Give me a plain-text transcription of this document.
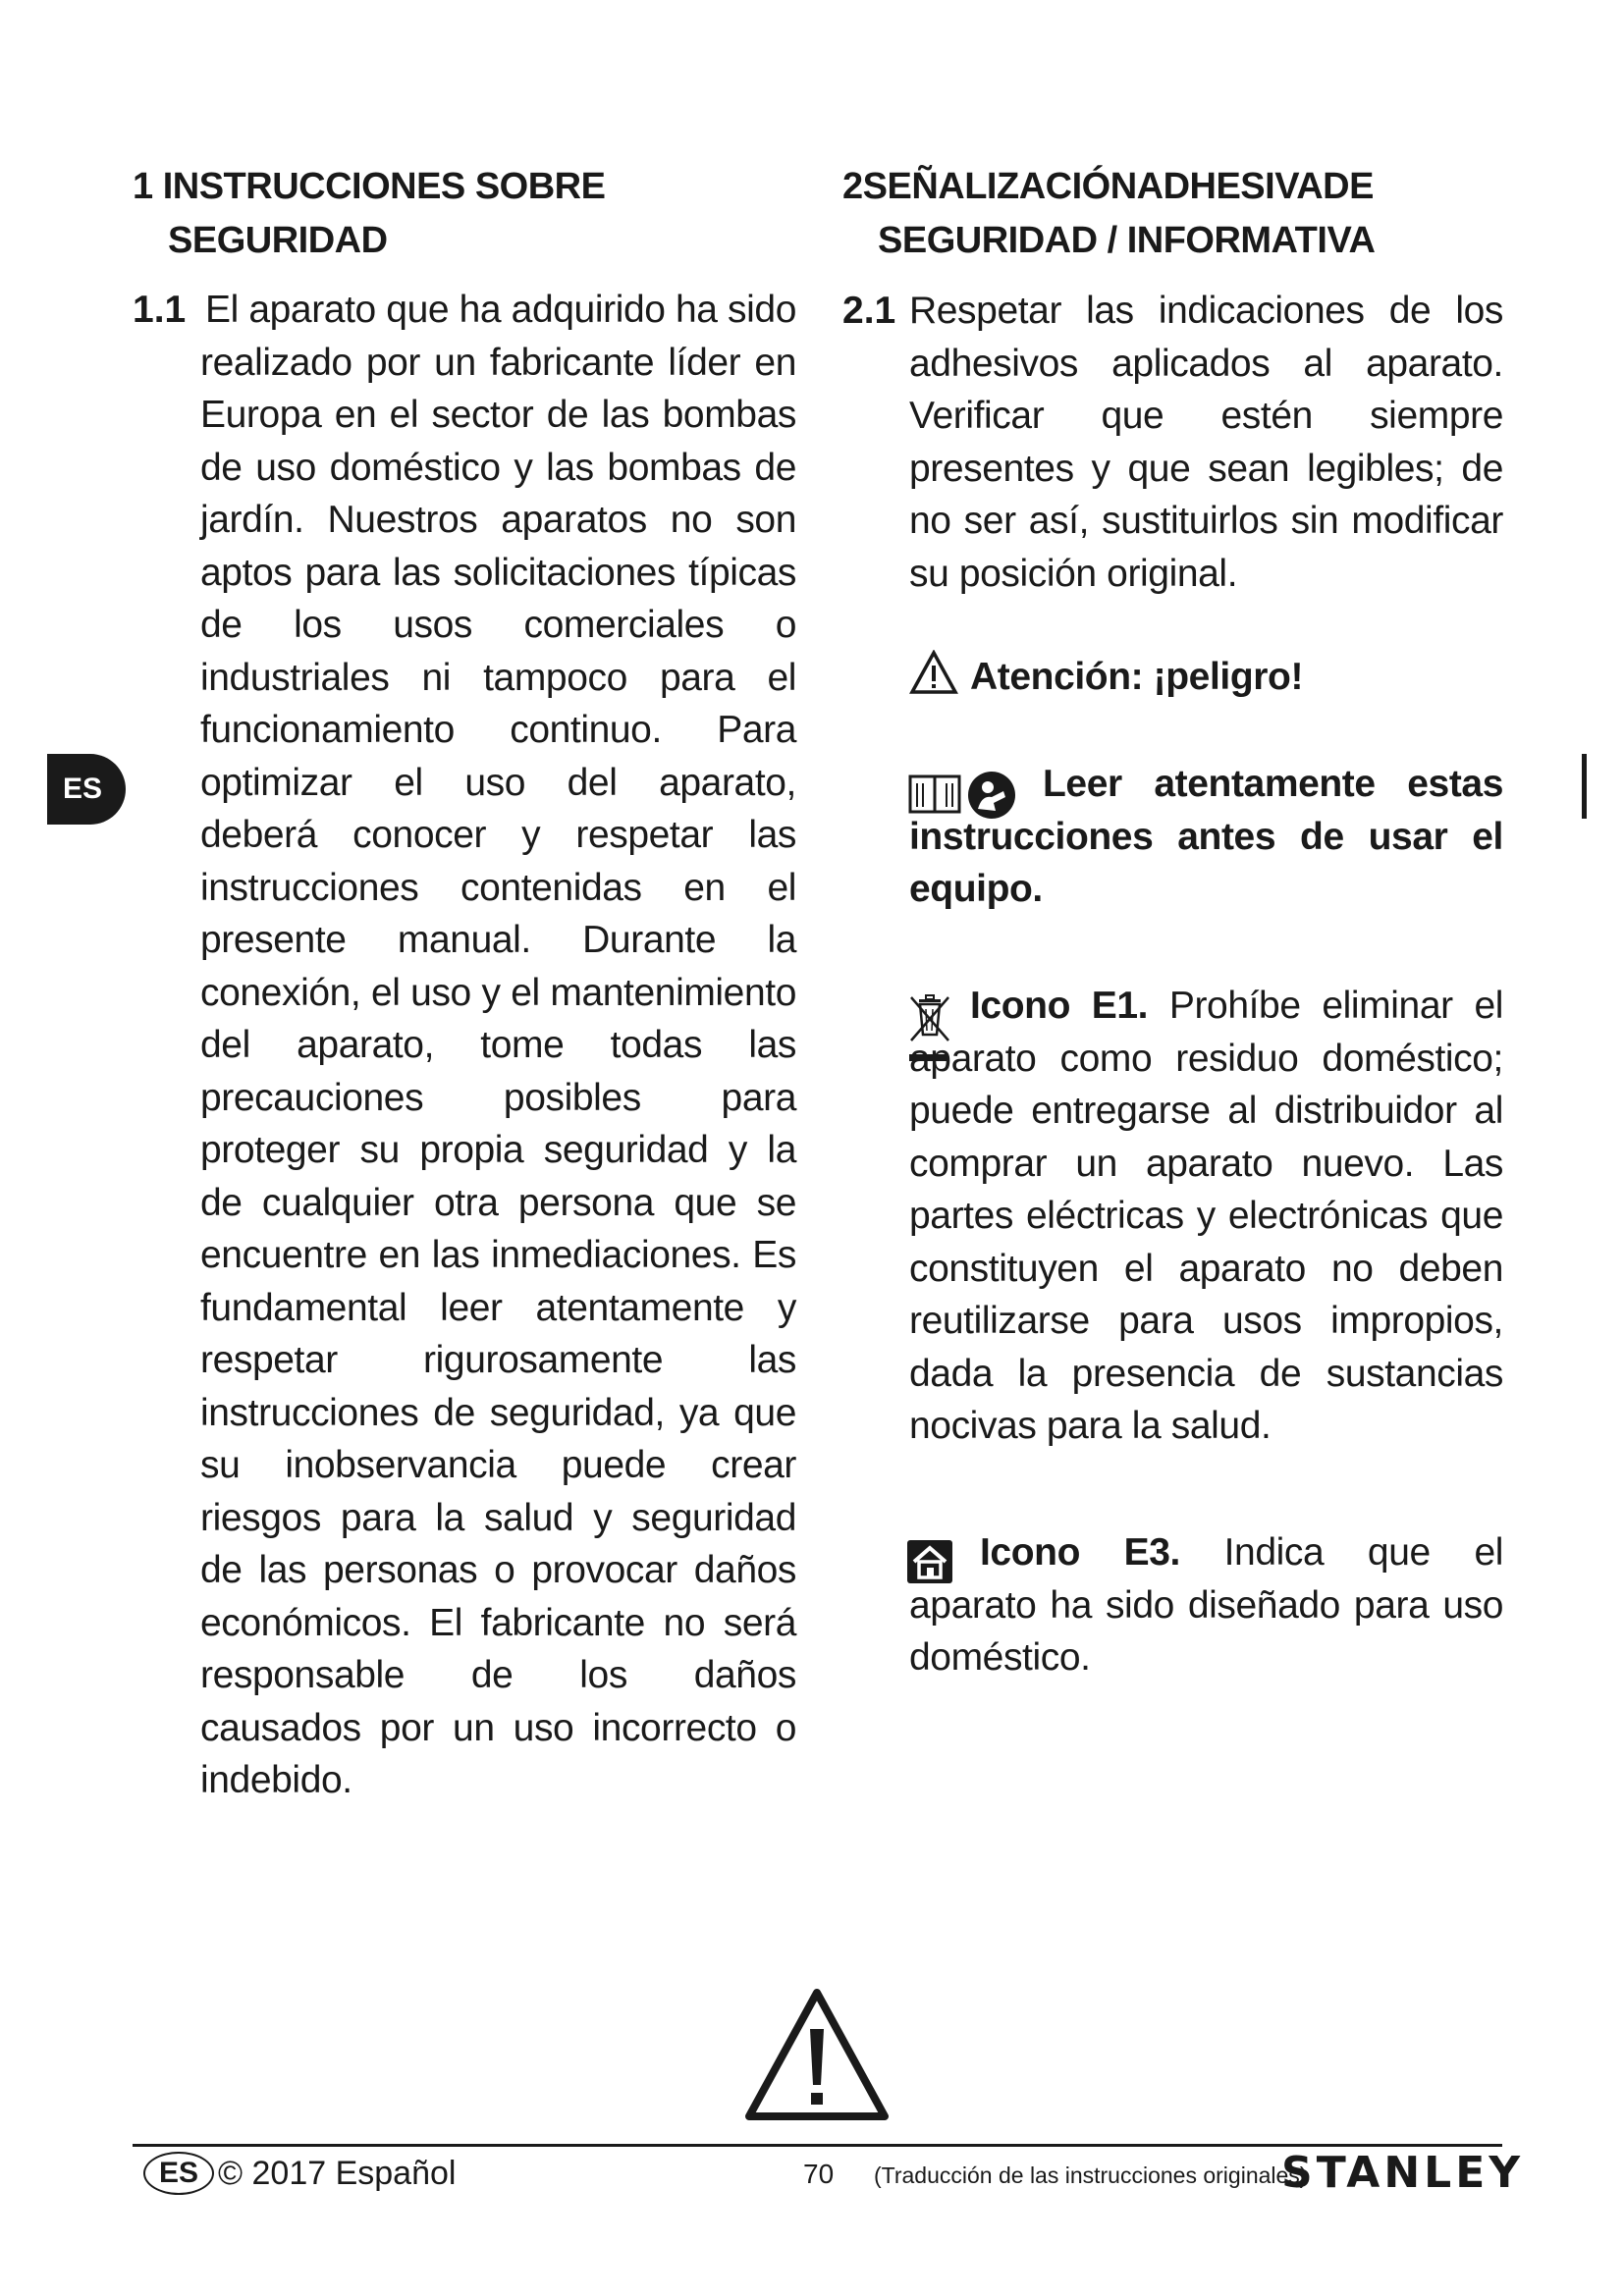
1 INSTRUCCIONES SOBRE
SEGURIDAD
1.1 El aparato que ha adquirido ha sido realizado por un fabricante líder en Europa en el sector de las bombas de uso doméstico y las bombas de jardín. Nuestros aparatos no son aptos para las solicitaciones típicas de los usos comerciales o industriales ni tampoco para el funcionamiento continuo. Para optimizar el uso del aparato, deberá conocer y respetar las instrucciones contenidas en el presente manual. Durante la conexión, el uso y el mantenimiento del aparato, tome todas las precauciones posibles para proteger su propia seguridad y la de cualquier otra persona que se encuentre en las inmediaciones. Es fundamental leer atentamente y respetar rigurosamente las instrucciones de seguridad, ya que su inobservancia puede crear riesgos para la salud y seguridad de las personas o provocar daños económicos. El fabricante no será responsable de los daños causados por un uso incorrecto o indebido.
2SEÑALIZACIÓNADHESIVADE
SEGURIDAD / INFORMATIVA
2.1 Respetar las indicaciones de los adhesivos aplicados al aparato. Verificar que estén siempre presentes y que sean legibles; de no ser así, sustituirlos sin modificar su posición original.
Atención: ¡peligro!
Leer atentamente estas instrucciones antes de usar el equipo.
Icono E1. Prohíbe eliminar el aparato como residuo doméstico; puede entregarse al distribuidor al comprar un aparato nuevo. Las partes eléctricas y electrónicas que constituyen el aparato no deben reutilizarse para usos impropios, dada la presencia de sustancias nocivas para la salud.
Icono E3. Indica que el aparato ha sido diseñado para uso doméstico.
ES
ES © 2017 Español	70 (Traducción de las instrucciones originales)
STANLEY
